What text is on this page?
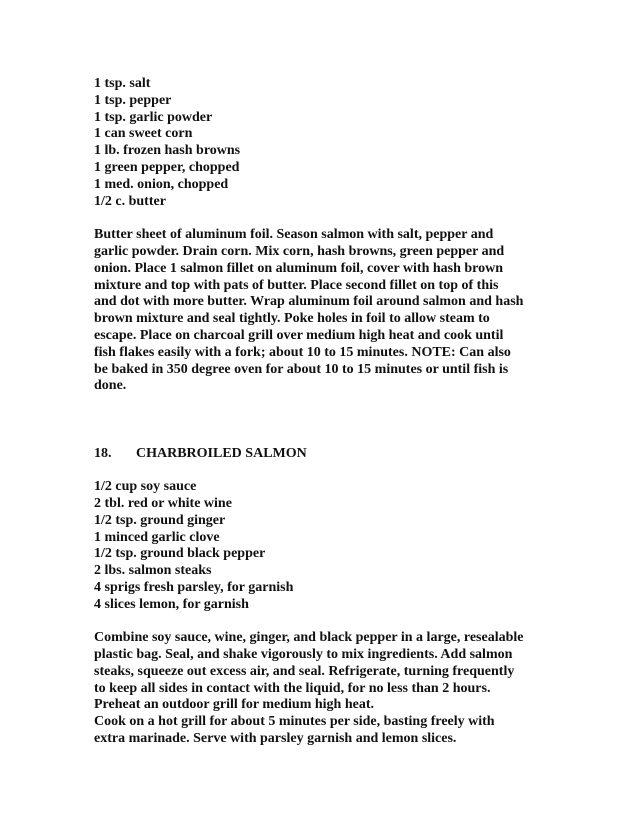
1 tsp. salt
1 tsp. pepper
1 tsp. garlic powder
1 can sweet corn
1 lb. frozen hash browns
1 green pepper, chopped
1 med. onion, chopped
1/2 c. butter
Butter sheet of aluminum foil. Season salmon with salt, pepper and
garlic powder. Drain corn. Mix corn, hash browns, green pepper and
onion. Place 1 salmon fillet on aluminum foil, cover with hash brown
mixture and top with pats of butter. Place second fillet on top of this
and dot with more butter. Wrap aluminum foil around salmon and hash
brown mixture and seal tightly. Poke holes in foil to allow steam to
escape. Place on charcoal grill over medium high heat and cook until
fish flakes easily with a fork; about 10 to 15 minutes. NOTE: Can also
be baked in 350 degree oven for about 10 to 15 minutes or until fish is
done.
18. CHARBROILED SALMON
1/2 cup soy sauce
2 tbl. red or white wine
1/2 tsp. ground ginger
1 minced garlic clove
1/2 tsp. ground black pepper
2 lbs. salmon steaks
4 sprigs fresh parsley, for garnish
4 slices lemon, for garnish
Combine soy sauce, wine, ginger, and black pepper in a large, resealable
plastic bag. Seal, and shake vigorously to mix ingredients. Add salmon
steaks, squeeze out excess air, and seal. Refrigerate, turning frequently
to keep all sides in contact with the liquid, for no less than 2 hours.
Preheat an outdoor grill for medium high heat.
Cook on a hot grill for about 5 minutes per side, basting freely with
extra marinade. Serve with parsley garnish and lemon slices.
